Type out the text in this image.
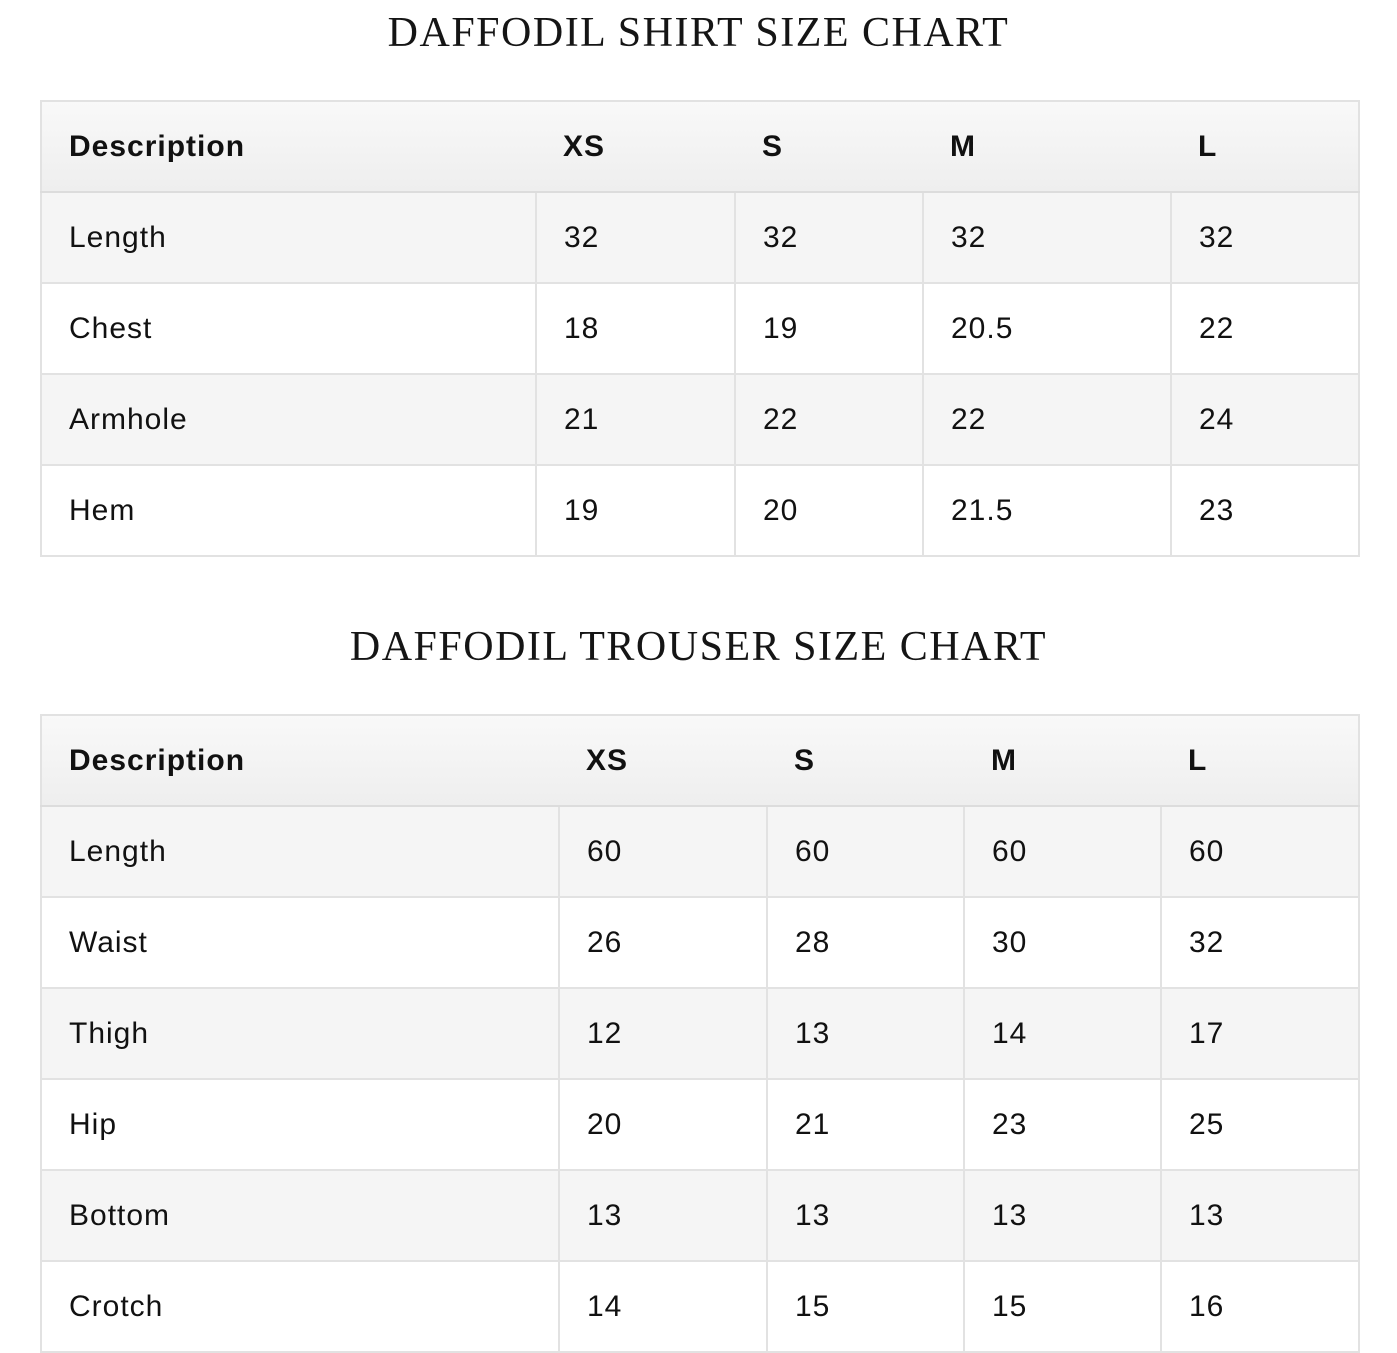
DAFFODIL SHIRT SIZE CHART
Description	XS	S	M	L
Length	32	32	32	32
Chest	18	19	20.5	22
Armhole	21	22	22	24
Hem	19	20	21.5	23
DAFFODIL TROUSER SIZE CHART
Description	XS	S	M	L
Length	60	60	60	60
Waist	26	28	30	32
Thigh	12	13	14	17
Hip	20	21	23	25
Bottom	13	13	13	13
Crotch	14	15	15	16
